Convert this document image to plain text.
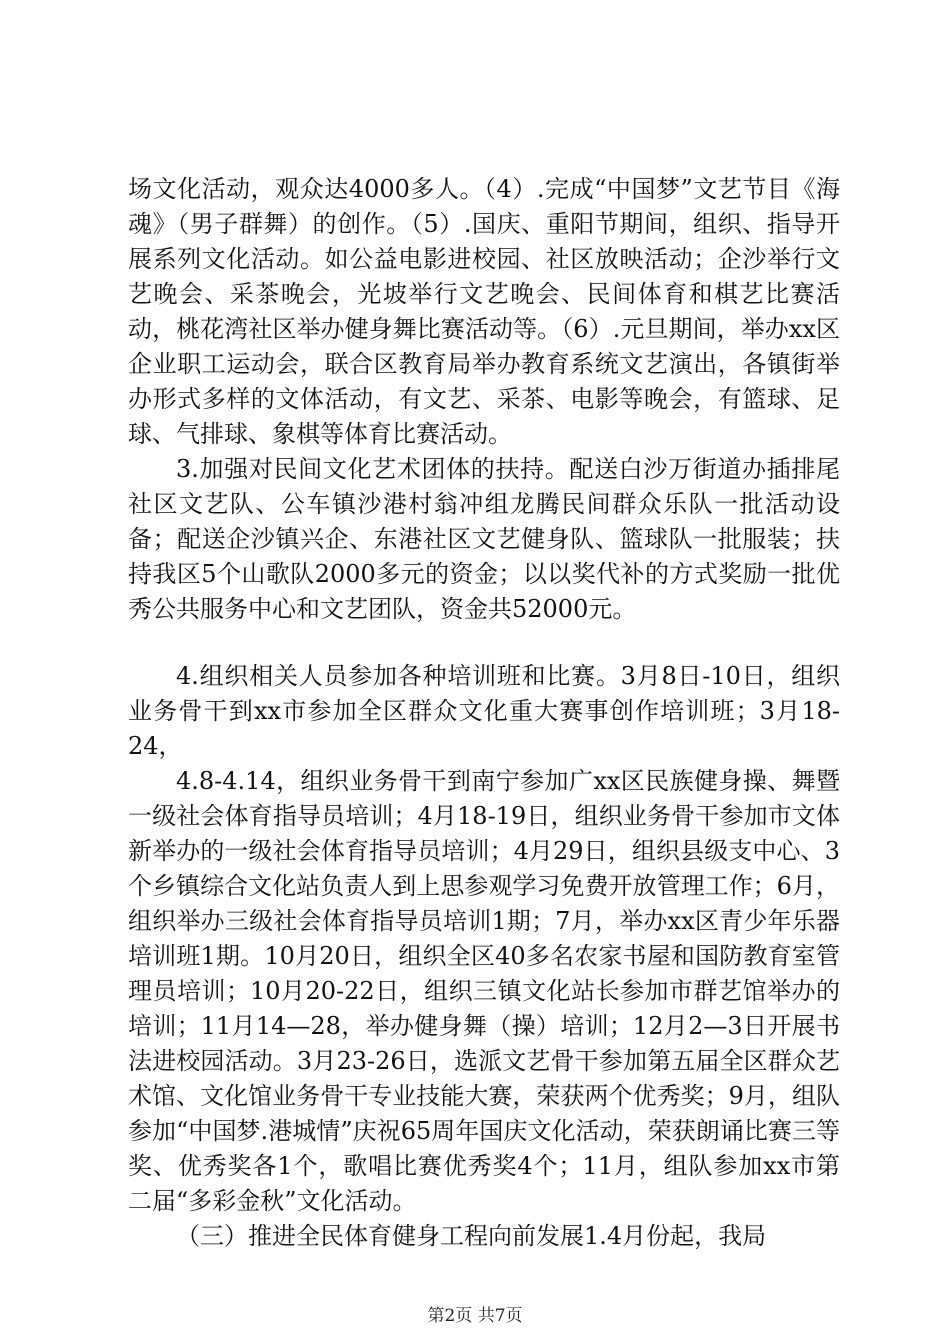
场文化活动，观众达4000多人。（4）.完成“中国梦”文艺节目《海魂》（男子群舞）的创作。（5）.国庆、重阳节期间，组织、指导开展系列文化活动。如公益电影进校园、社区放映活动；企沙举行文艺晚会、采茶晚会，光坡举行文艺晚会、民间体育和棋艺比赛活动，桃花湾社区举办健身舞比赛活动等。（6）.元旦期间，举办xx区企业职工运动会，联合区教育局举办教育系统文艺演出，各镇街举办形式多样的文体活动，有文艺、采茶、电影等晚会，有篮球、足球、气排球、象棋等体育比赛活动。

3.加强对民间文化艺术团体的扶持。配送白沙万街道办插排尾社区文艺队、公车镇沙港村翁冲组龙腾民间群众乐队一批活动设备；配送企沙镇兴企、东港社区文艺健身队、篮球队一批服装；扶持我区5个山歌队2000多元的资金；以以奖代补的方式奖励一批优秀公共服务中心和文艺团队，资金共52000元。

4.组织相关人员参加各种培训班和比赛。3月8日-10日，组织业务骨干到xx市参加全区群众文化重大赛事创作培训班；3月18-24，

4.8-4.14，组织业务骨干到南宁参加广xx区民族健身操、舞暨一级社会体育指导员培训；4月18-19日，组织业务骨干参加市文体新举办的一级社会体育指导员培训；4月29日，组织县级支中心、3个乡镇综合文化站负责人到上思参观学习免费开放管理工作；6月，组织举办三级社会体育指导员培训1期；7月，举办xx区青少年乐器培训班1期。10月20日，组织全区40多名农家书屋和国防教育室管理员培训；10月20-22日，组织三镇文化站长参加市群艺馆举办的培训；11月14—28，举办健身舞（操）培训；12月2—3日开展书法进校园活动。3月23-26日，选派文艺骨干参加第五届全区群众艺术馆、文化馆业务骨干专业技能大赛，荣获两个优秀奖；9月，组队参加“中国梦.港城情”庆祝65周年国庆文化活动，荣获朗诵比赛三等奖、优秀奖各1个，歌唱比赛优秀奖4个；11月，组队参加xx市第二届“多彩金秋”文化活动。

（三）推进全民体育健身工程向前发展1.4月份起，我局

第2页 共7页
